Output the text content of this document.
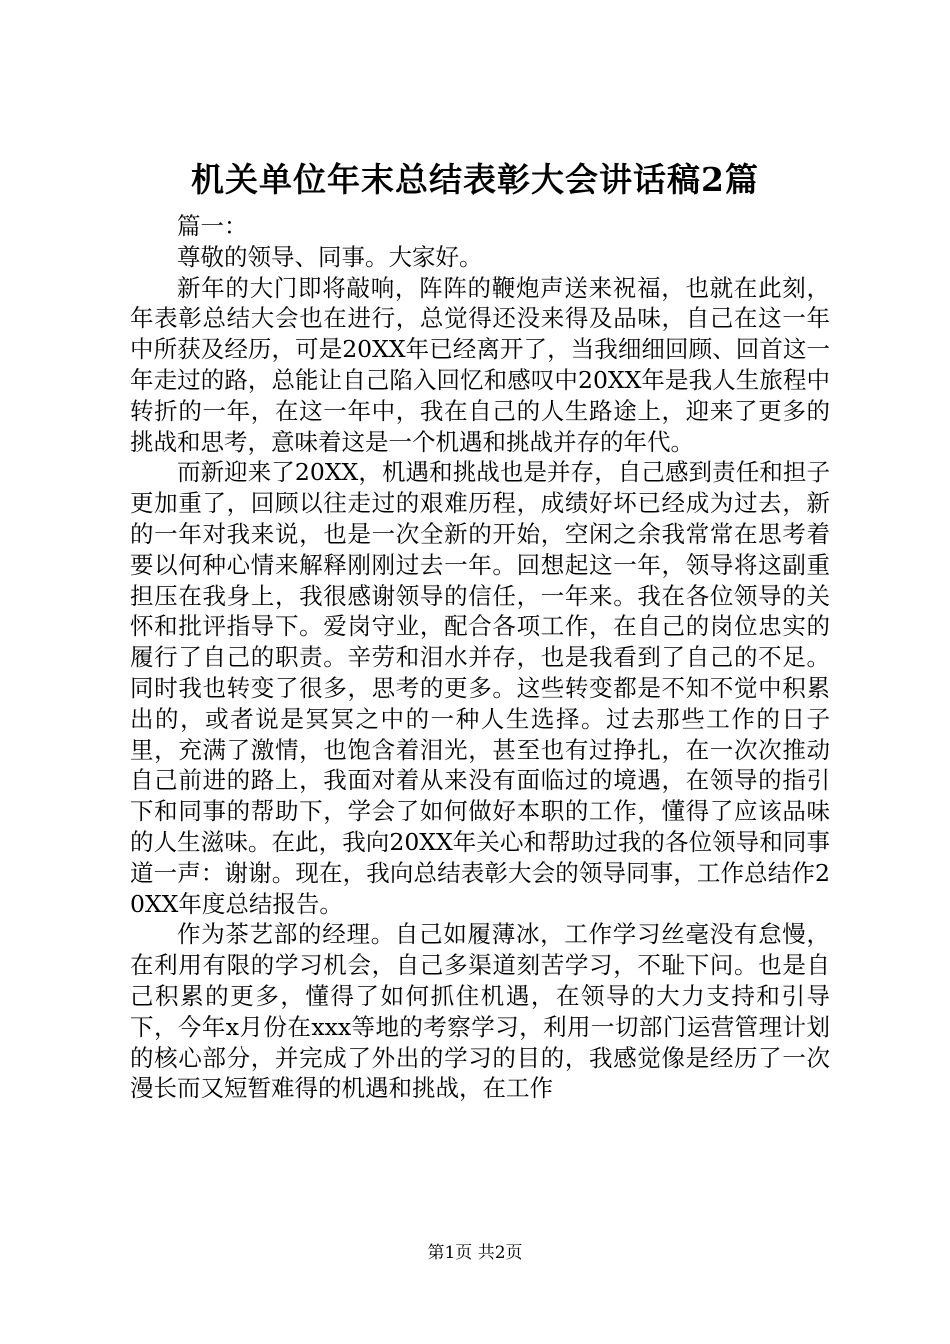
机关单位年末总结表彰大会讲话稿2篇

篇一：

尊敬的领导、同事。大家好。

新年的大门即将敲响，阵阵的鞭炮声送来祝福，也就在此刻，年表彰总结大会也在进行，总觉得还没来得及品味，自己在这一年中所获及经历，可是20XX年已经离开了，当我细细回顾、回首这一年走过的路，总能让自己陷入回忆和感叹中20XX年是我人生旅程中转折的一年，在这一年中，我在自己的人生路途上，迎来了更多的挑战和思考，意味着这是一个机遇和挑战并存的年代。

而新迎来了20XX，机遇和挑战也是并存，自己感到责任和担子更加重了，回顾以往走过的艰难历程，成绩好坏已经成为过去，新的一年对我来说，也是一次全新的开始，空闲之余我常常在思考着要以何种心情来解释刚刚过去一年。回想起这一年，领导将这副重担压在我身上，我很感谢领导的信任，一年来。我在各位领导的关怀和批评指导下。爱岗守业，配合各项工作，在自己的岗位忠实的履行了自己的职责。辛劳和泪水并存，也是我看到了自己的不足。同时我也转变了很多，思考的更多。这些转变都是不知不觉中积累出的，或者说是冥冥之中的一种人生选择。过去那些工作的日子里，充满了激情，也饱含着泪光，甚至也有过挣扎，在一次次推动自己前进的路上，我面对着从来没有面临过的境遇，在领导的指引下和同事的帮助下，学会了如何做好本职的工作，懂得了应该品味的人生滋味。在此，我向20XX年关心和帮助过我的各位领导和同事道一声：谢谢。现在，我向总结表彰大会的领导同事，工作总结作20XX年度总结报告。

作为茶艺部的经理。自己如履薄冰，工作学习丝毫没有怠慢，在利用有限的学习机会，自己多渠道刻苦学习，不耻下问。也是自己积累的更多，懂得了如何抓住机遇，在领导的大力支持和引导下，今年x月份在xxx等地的考察学习，利用一切部门运营管理计划的核心部分，并完成了外出的学习的目的，我感觉像是经历了一次漫长而又短暂难得的机遇和挑战，在工作

第1页 共2页
